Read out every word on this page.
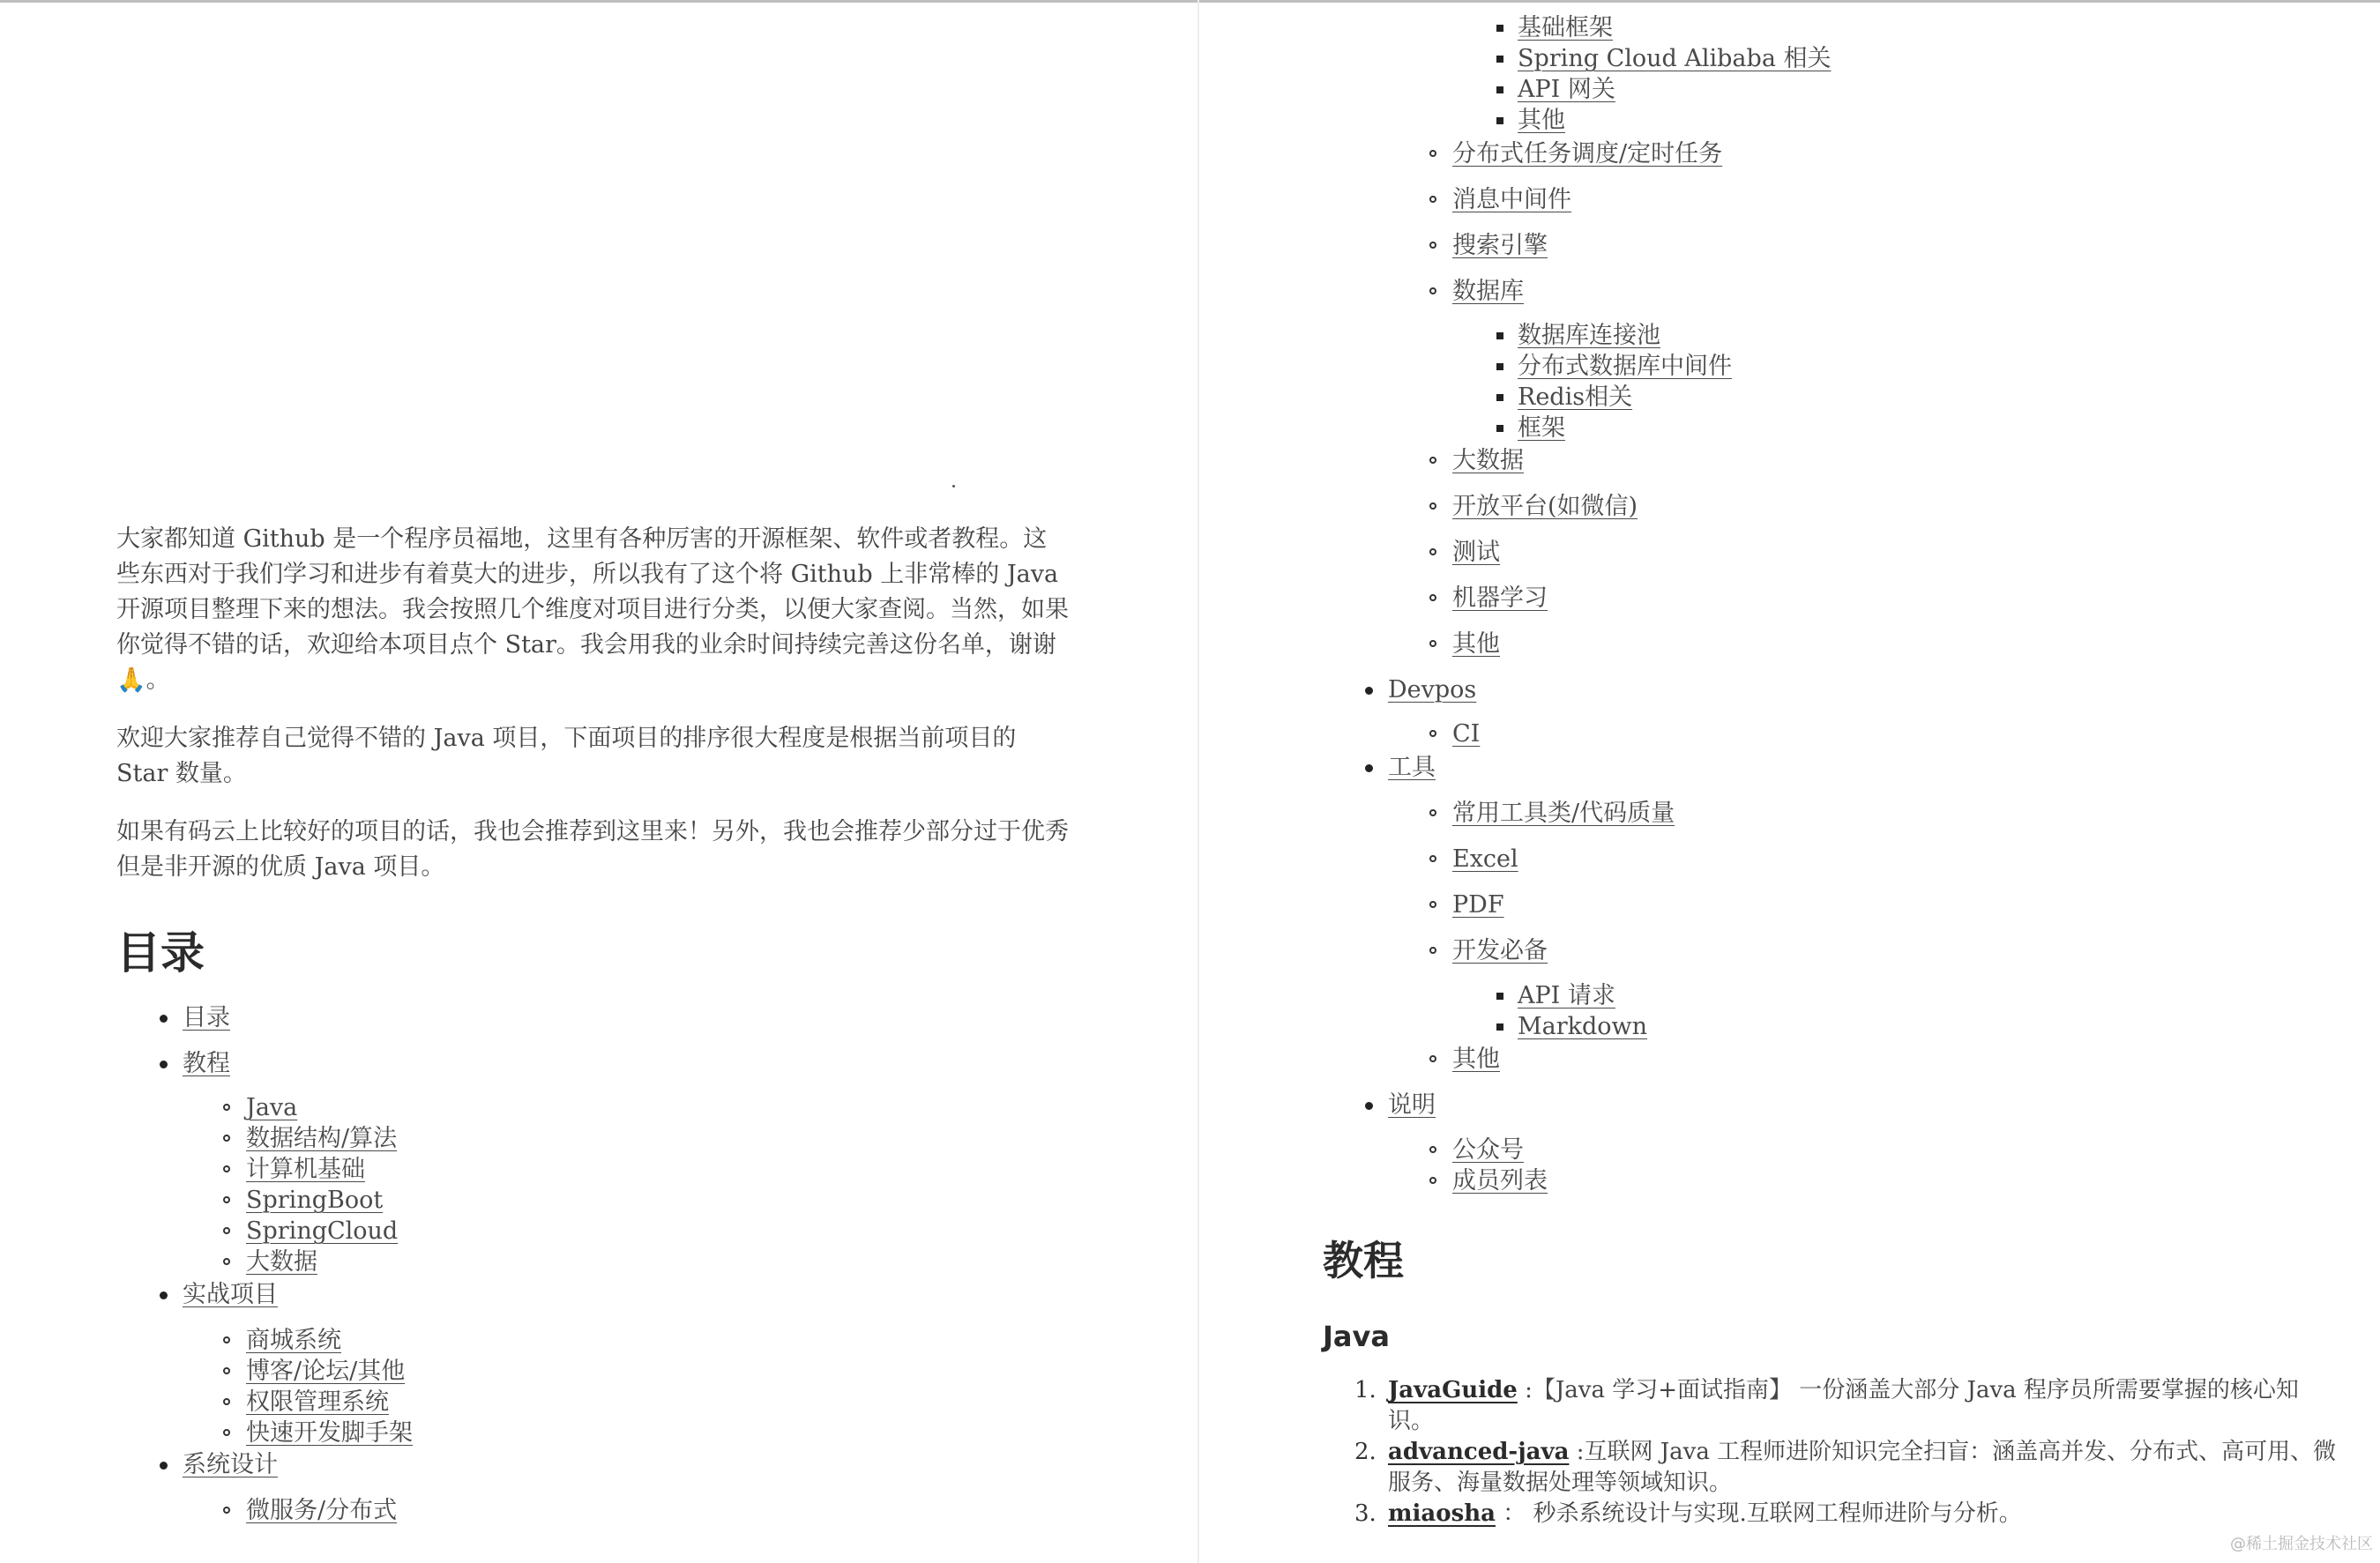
大家都知道 Github 是一个程序员福地，这里有各种厉害的开源框架、软件或者教程。这些东西对于我们学习和进步有着莫大的进步，所以我有了这个将 Github 上非常棒的 Java 开源项目整理下来的想法。我会按照几个维度对项目进行分类，以便大家查阅。当然，如果你觉得不错的话，欢迎给本项目点个 Star。我会用我的业余时间持续完善这份名单，谢谢🙏。

欢迎大家推荐自己觉得不错的 Java 项目，下面项目的排序很大程度是根据当前项目的 Star 数量。

如果有码云上比较好的项目的话，我也会推荐到这里来！另外，我也会推荐少部分过于优秀但是非开源的优质 Java 项目。

目录
目录
教程
Java
数据结构/算法
计算机基础
SpringBoot
SpringCloud
大数据
实战项目
商城系统
博客/论坛/其他
权限管理系统
快速开发脚手架
系统设计
微服务/分布式
基础框架
Spring Cloud Alibaba 相关
API 网关
其他
分布式任务调度/定时任务
消息中间件
搜索引擎
数据库
数据库连接池
分布式数据库中间件
Redis相关
框架
大数据
开放平台(如微信)
测试
机器学习
其他
Devpos
CI
工具
常用工具类/代码质量
Excel
PDF
开发必备
API 请求
Markdown
其他
说明
公众号
成员列表
教程
Java
1. JavaGuide :【Java 学习+面试指南】 一份涵盖大部分 Java 程序员所需要掌握的核心知识。
2. advanced-java :互联网 Java 工程师进阶知识完全扫盲：涵盖高并发、分布式、高可用、微服务、海量数据处理等领域知识。
3. miaosha ： 秒杀系统设计与实现.互联网工程师进阶与分析。
@稀土掘金技术社区
